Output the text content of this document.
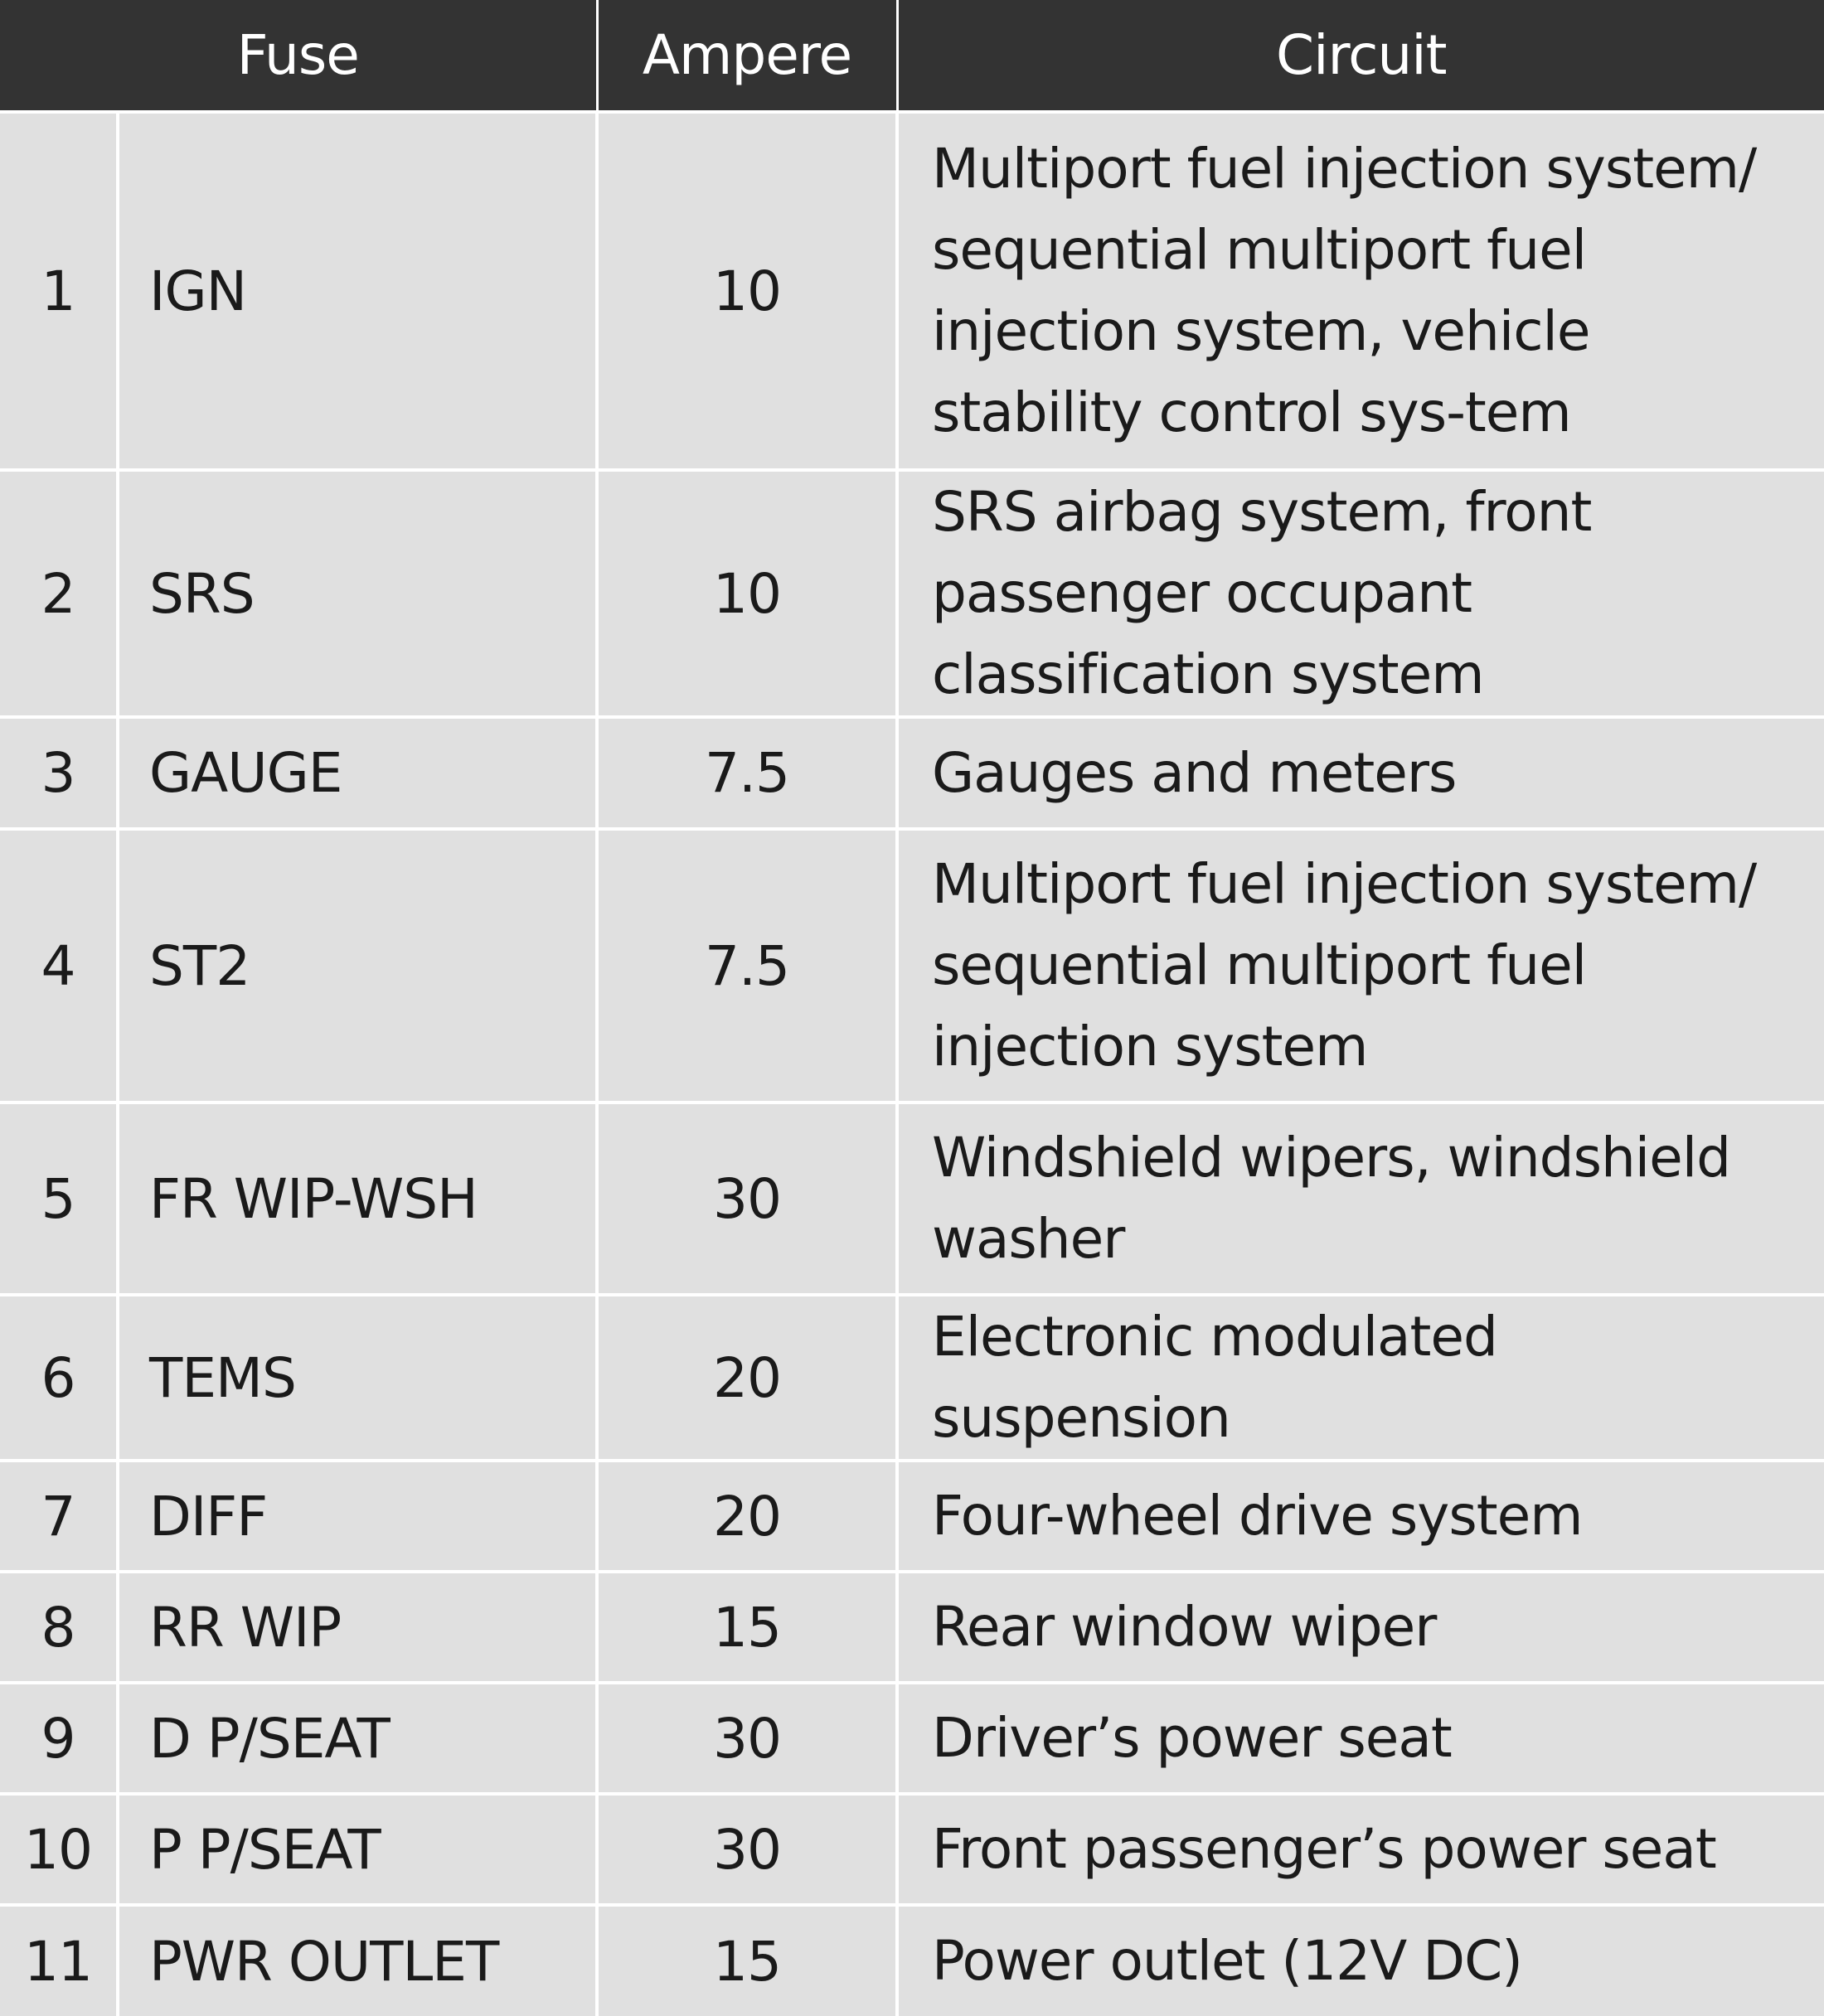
Fuse		Ampere	Circuit
1	IGN	10	Multiport fuel injection system/ sequential multiport fuel injection system, vehicle stability control sys-tem
2	SRS	10	SRS airbag system, front passenger occupant classification system
3	GAUGE	7.5	Gauges and meters
4	ST2	7.5	Multiport fuel injection system/ sequential multiport fuel injection system
5	FR WIP-WSH	30	Windshield wipers, windshield washer
6	TEMS	20	Electronic modulated suspension
7	DIFF	20	Four-wheel drive system
8	RR WIP	15	Rear window wiper
9	D P/SEAT	30	Driver’s power seat
10	P P/SEAT	30	Front passenger’s power seat
11	PWR OUTLET	15	Power outlet (12V DC)
